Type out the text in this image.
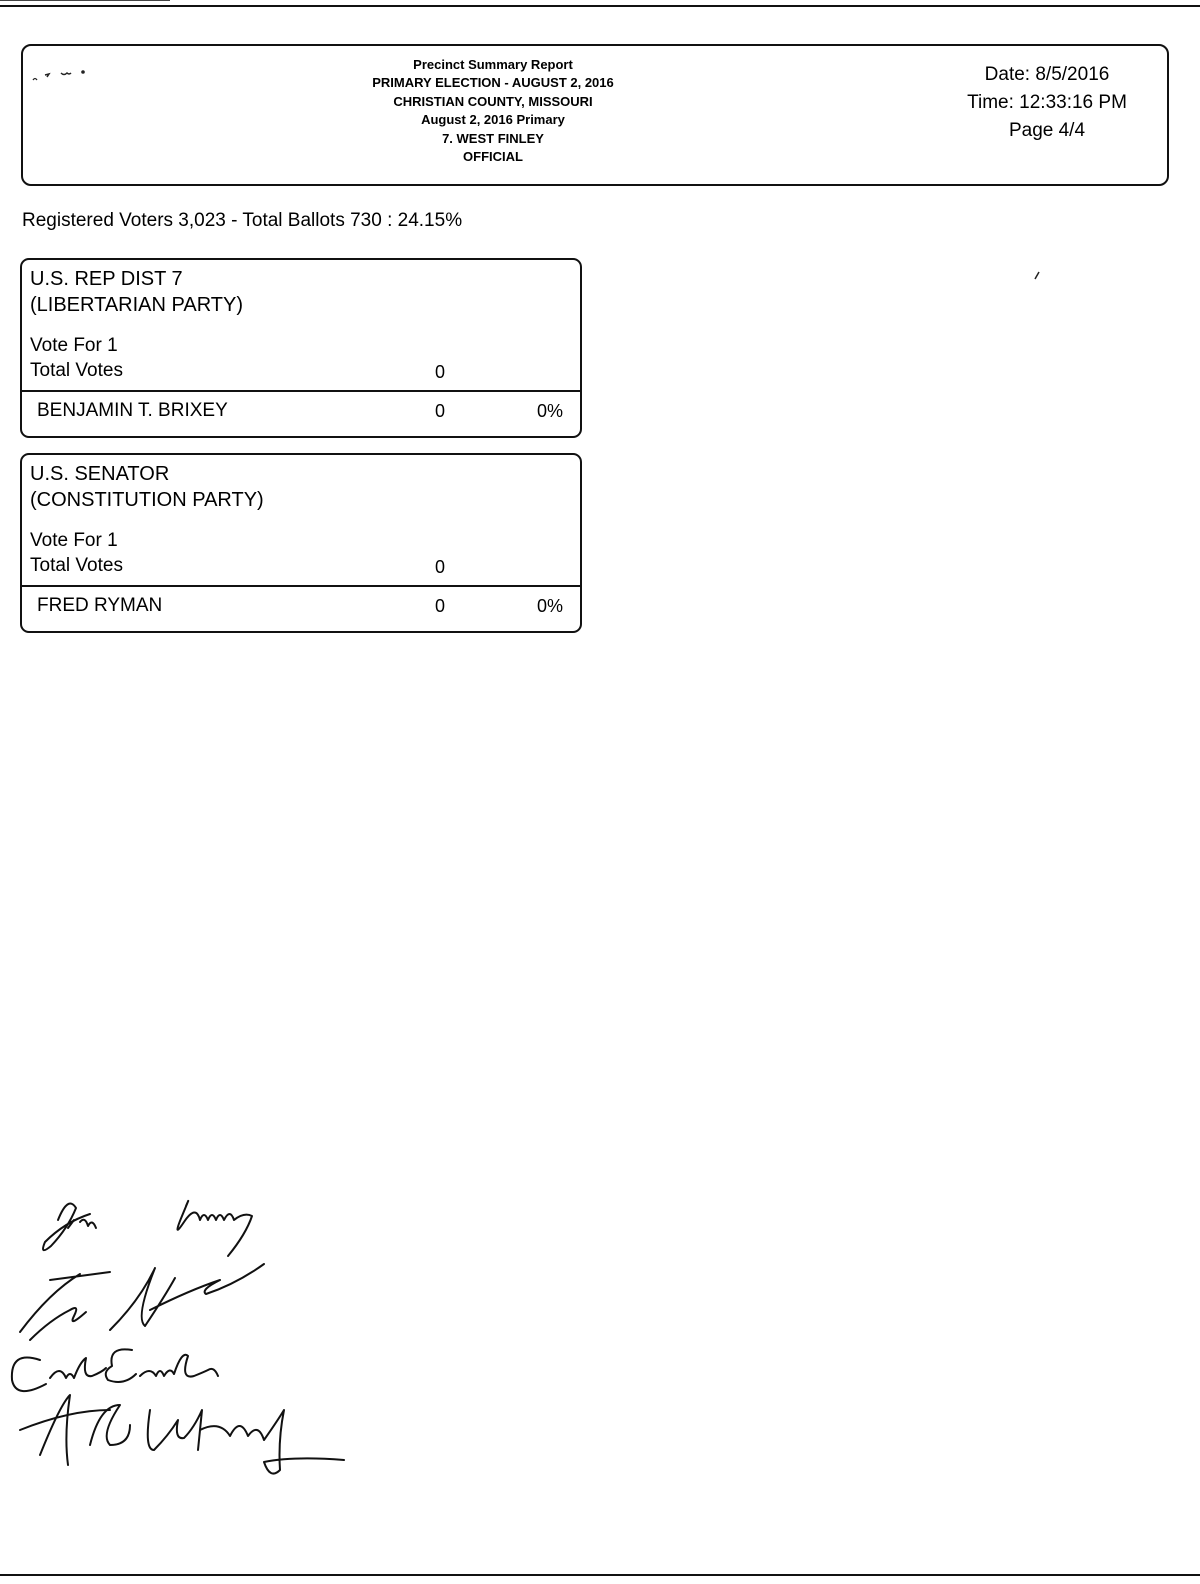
Precinct Summary Report
PRIMARY ELECTION - AUGUST 2, 2016
CHRISTIAN COUNTY, MISSOURI
August 2, 2016 Primary
7. WEST FINLEY
OFFICIAL
Date: 8/5/2016
Time: 12:33:16 PM
Page 4/4
Registered Voters 3,023 - Total Ballots 730 : 24.15%
U.S. REP DIST 7
(LIBERTARIAN PARTY)
Vote For 1
Total Votes	0
BENJAMIN T. BRIXEY	0	0%
U.S. SENATOR
(CONSTITUTION PARTY)
Vote For 1
Total Votes	0
FRED RYMAN	0	0%
